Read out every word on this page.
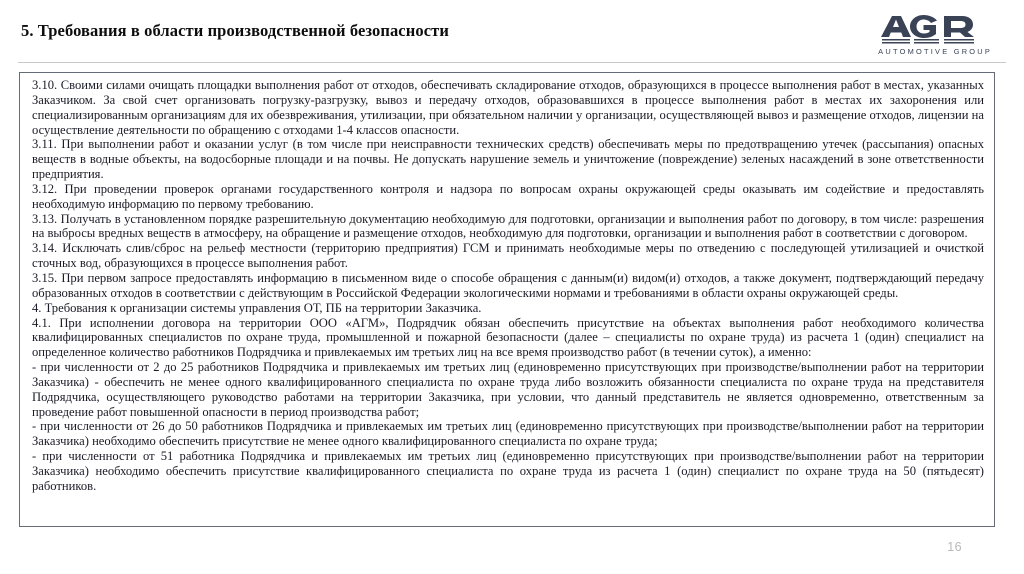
5. Требования в области производственной безопасности
AUTOMOTIVE GROUP

3.10. Своими силами очищать площадки выполнения работ от отходов, обеспечивать складирование отходов, образующихся в процессе выполнения работ в местах, указанных Заказчиком. За свой счет организовать погрузку-разгрузку, вывоз и передачу отходов, образовавшихся в процессе выполнения работ в местах их захоронения или специализированным организациям для их обезвреживания, утилизации, при обязательном наличии у организации, осуществляющей вывоз и размещение отходов, лицензии на осуществление деятельности по обращению с отходами 1-4 классов опасности.

3.11. При выполнении работ и оказании услуг (в том числе при неисправности технических средств) обеспечивать меры по предотвращению утечек (рассыпания) опасных веществ в водные объекты, на водосборные площади и на почвы. Не допускать нарушение земель и уничтожение (повреждение) зеленых насаждений в зоне ответственности предприятия.

3.12. При проведении проверок органами государственного контроля и надзора по вопросам охраны окружающей среды оказывать им содействие и предоставлять необходимую информацию по первому требованию.

3.13. Получать в установленном порядке разрешительную документацию необходимую для подготовки, организации и выполнения работ по договору, в том числе: разрешения на выбросы вредных веществ в атмосферу, на обращение и размещение отходов, необходимую для подготовки, организации и выполнения работ в соответствии с договором.

3.14. Исключать слив/сброс на рельеф местности (территорию предприятия) ГСМ и принимать необходимые меры по отведению с последующей утилизацией и очисткой сточных вод, образующихся в процессе выполнения работ.

3.15. При первом запросе предоставлять информацию в письменном виде о способе обращения с данным(и) видом(и) отходов, а также документ, подтверждающий передачу образованных отходов в соответствии с действующим в Российской Федерации экологическими нормами и требованиями в области охраны окружающей среды.

4. Требования к организации системы управления ОТ, ПБ на территории Заказчика.

4.1. При исполнении договора на территории ООО «АГМ», Подрядчик обязан обеспечить присутствие на объектах выполнения работ необходимого количества квалифицированных специалистов по охране труда, промышленной и пожарной безопасности (далее – специалисты по охране труда) из расчета 1 (один) специалист на определенное количество работников Подрядчика и привлекаемых им третьих лиц на все время производство работ (в течении суток), а именно:

- при численности от 2 до 25 работников Подрядчика и привлекаемых им третьих лиц (единовременно присутствующих при производстве/выполнении работ на территории Заказчика) - обеспечить не менее одного квалифицированного специалиста по охране труда либо возложить обязанности специалиста по охране труда на представителя Подрядчика, осуществляющего руководство работами на территории Заказчика, при условии, что данный представитель не является одновременно, ответственным за проведение работ повышенной опасности в период производства работ;

- при численности от 26 до 50 работников Подрядчика и привлекаемых им третьих лиц (единовременно присутствующих при производстве/выполнении работ на территории Заказчика) необходимо обеспечить присутствие не менее одного квалифицированного специалиста по охране труда;

- при численности от 51 работника Подрядчика и привлекаемых им третьих лиц (единовременно присутствующих при производстве/выполнении работ на территории Заказчика) необходимо обеспечить присутствие квалифицированного специалиста по охране труда из расчета 1 (один) специалист по охране труда на 50 (пятьдесят) работников.

16
